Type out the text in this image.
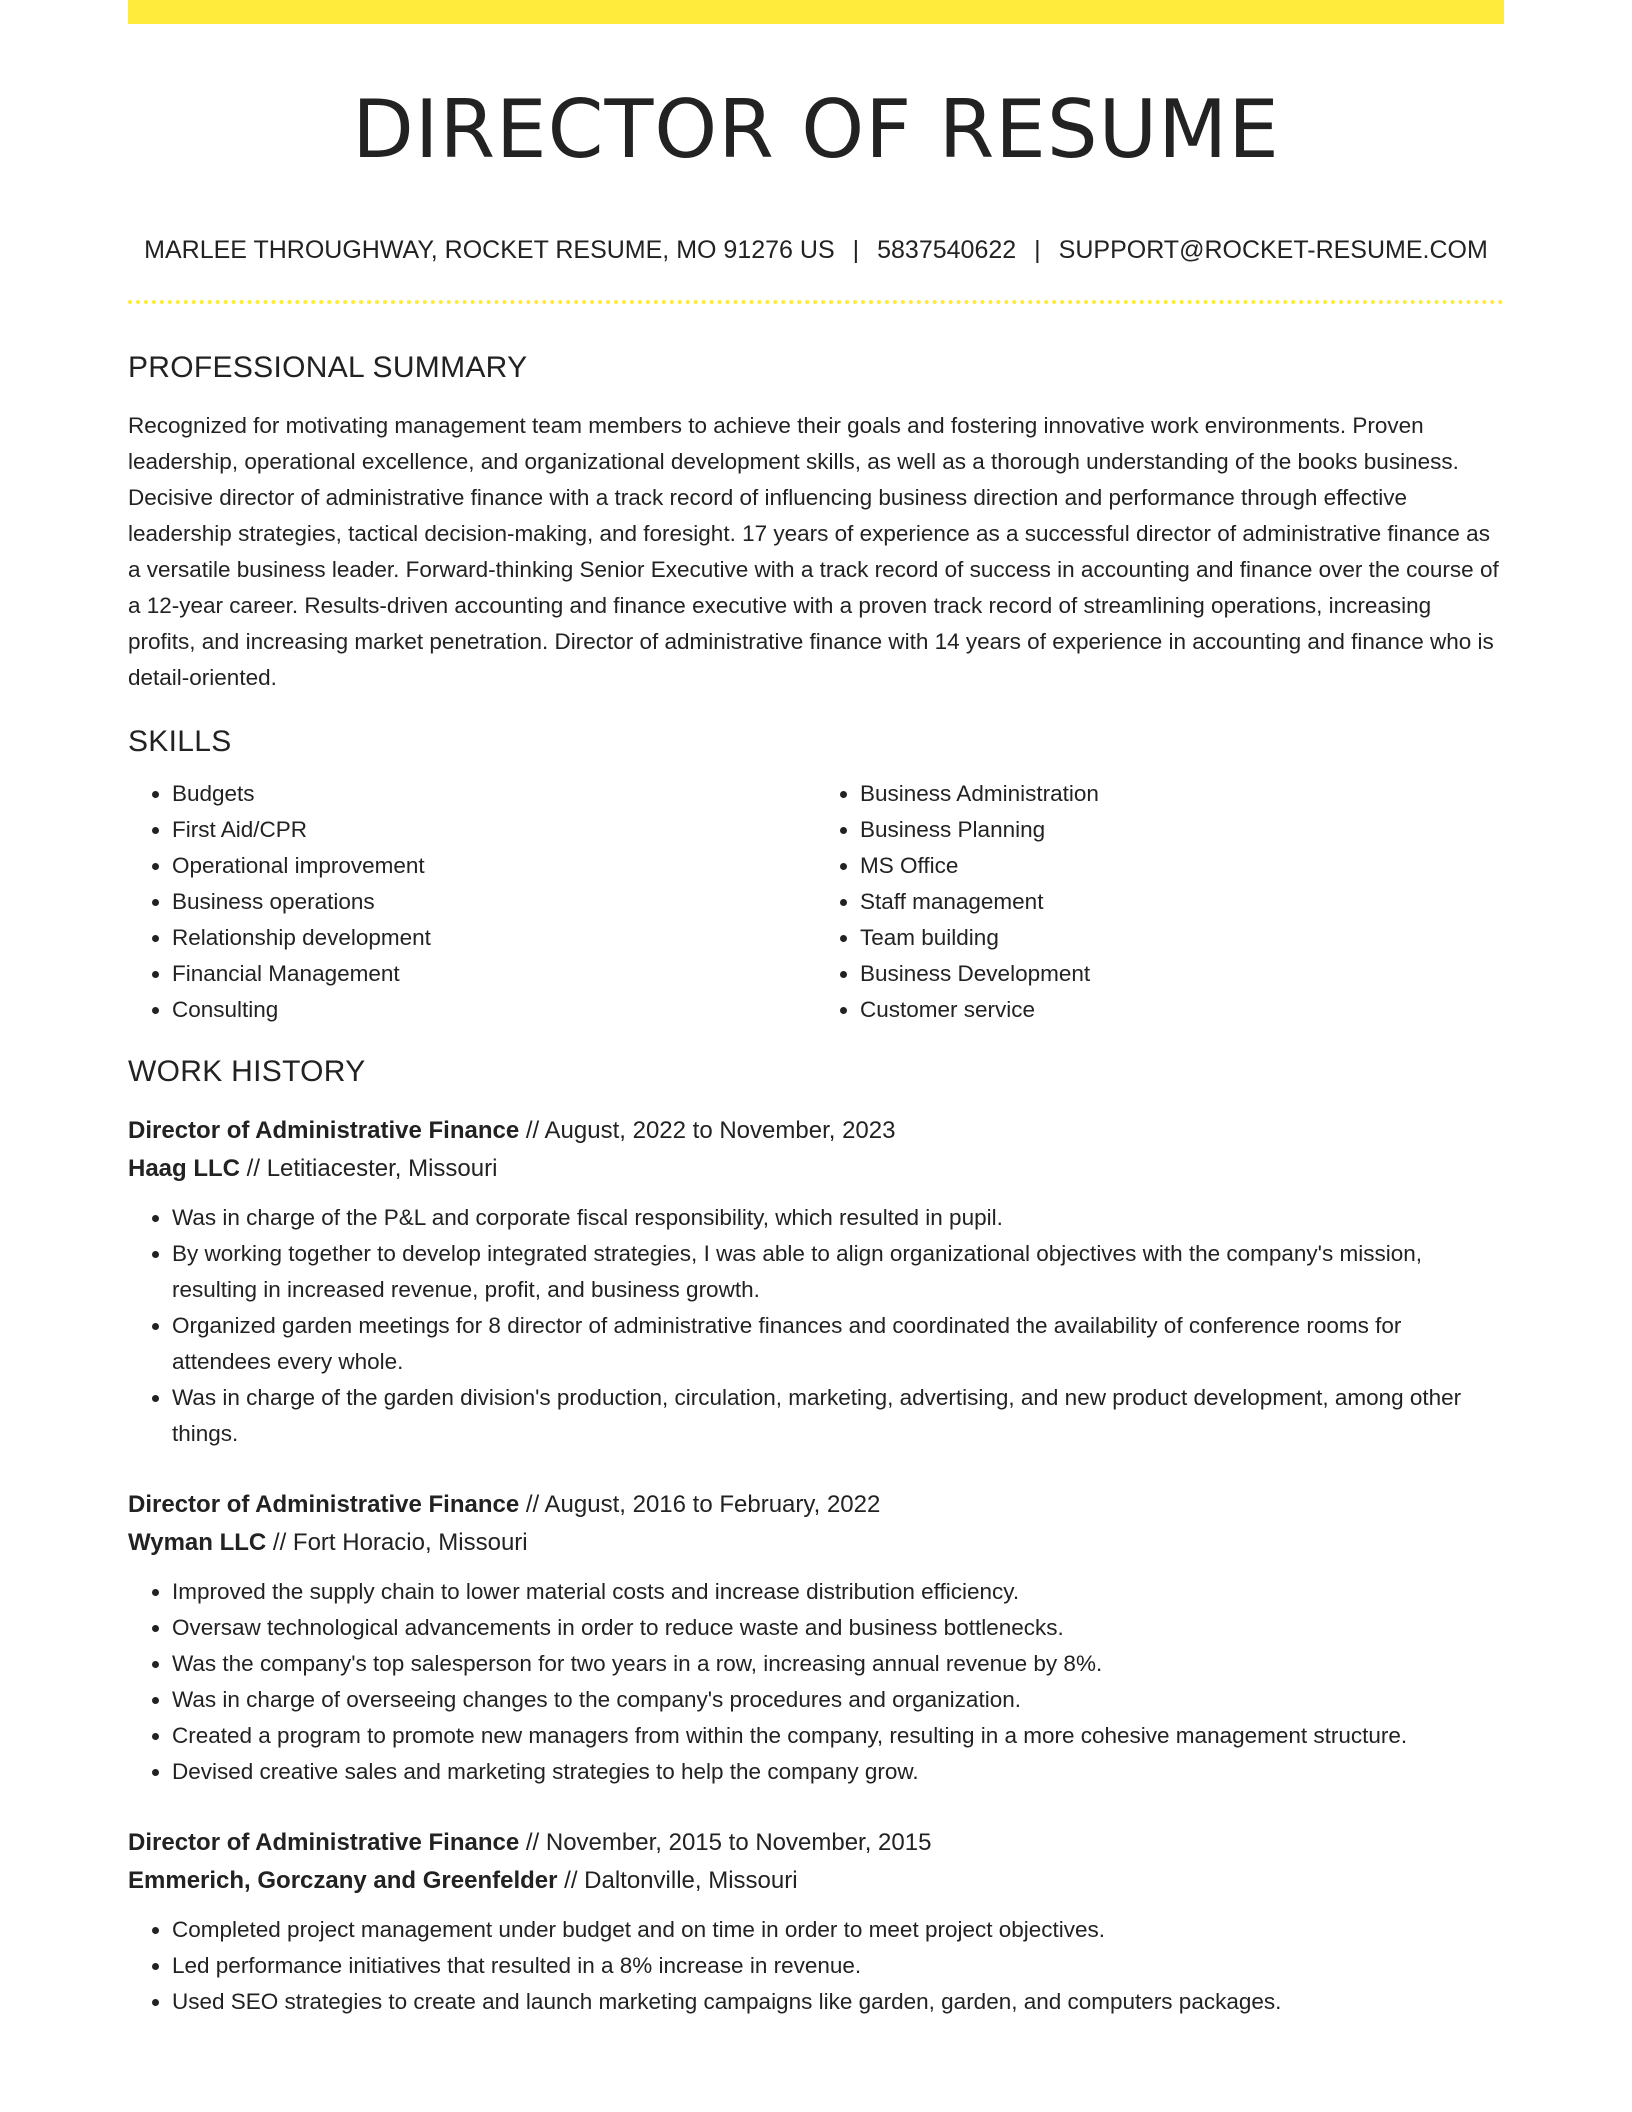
DIRECTOR OF RESUME
MARLEE THROUGHWAY, ROCKET RESUME, MO 91276 US | 5837540622 | SUPPORT@ROCKET-RESUME.COM
PROFESSIONAL SUMMARY

Recognized for motivating management team members to achieve their goals and fostering innovative work environments. Proven leadership, operational excellence, and organizational development skills, as well as a thorough understanding of the books business. Decisive director of administrative finance with a track record of influencing business direction and performance through effective leadership strategies, tactical decision-making, and foresight. 17 years of experience as a successful director of administrative finance as a versatile business leader. Forward-thinking Senior Executive with a track record of success in accounting and finance over the course of a 12-year career. Results-driven accounting and finance executive with a proven track record of streamlining operations, increasing profits, and increasing market penetration. Director of administrative finance with 14 years of experience in accounting and finance who is detail-oriented.

SKILLS
• Budgets
• First Aid/CPR
• Operational improvement
• Business operations
• Relationship development
• Financial Management
• Consulting
• Business Administration
• Business Planning
• MS Office
• Staff management
• Team building
• Business Development
• Customer service
WORK HISTORY

Director of Administrative Finance // August, 2022 to November, 2023

Haag LLC // Letitiacester, Missouri

• Was in charge of the P&L and corporate fiscal responsibility, which resulted in pupil.
• By working together to develop integrated strategies, I was able to align organizational objectives with the company's mission, resulting in increased revenue, profit, and business growth.
• Organized garden meetings for 8 director of administrative finances and coordinated the availability of conference rooms for attendees every whole.
• Was in charge of the garden division's production, circulation, marketing, advertising, and new product development, among other things.

Director of Administrative Finance // August, 2016 to February, 2022

Wyman LLC // Fort Horacio, Missouri

• Improved the supply chain to lower material costs and increase distribution efficiency.
• Oversaw technological advancements in order to reduce waste and business bottlenecks.
• Was the company's top salesperson for two years in a row, increasing annual revenue by 8%.
• Was in charge of overseeing changes to the company's procedures and organization.
• Created a program to promote new managers from within the company, resulting in a more cohesive management structure.
• Devised creative sales and marketing strategies to help the company grow.

Director of Administrative Finance // November, 2015 to November, 2015

Emmerich, Gorczany and Greenfelder // Daltonville, Missouri

• Completed project management under budget and on time in order to meet project objectives.
• Led performance initiatives that resulted in a 8% increase in revenue.
• Used SEO strategies to create and launch marketing campaigns like garden, garden, and computers packages.
